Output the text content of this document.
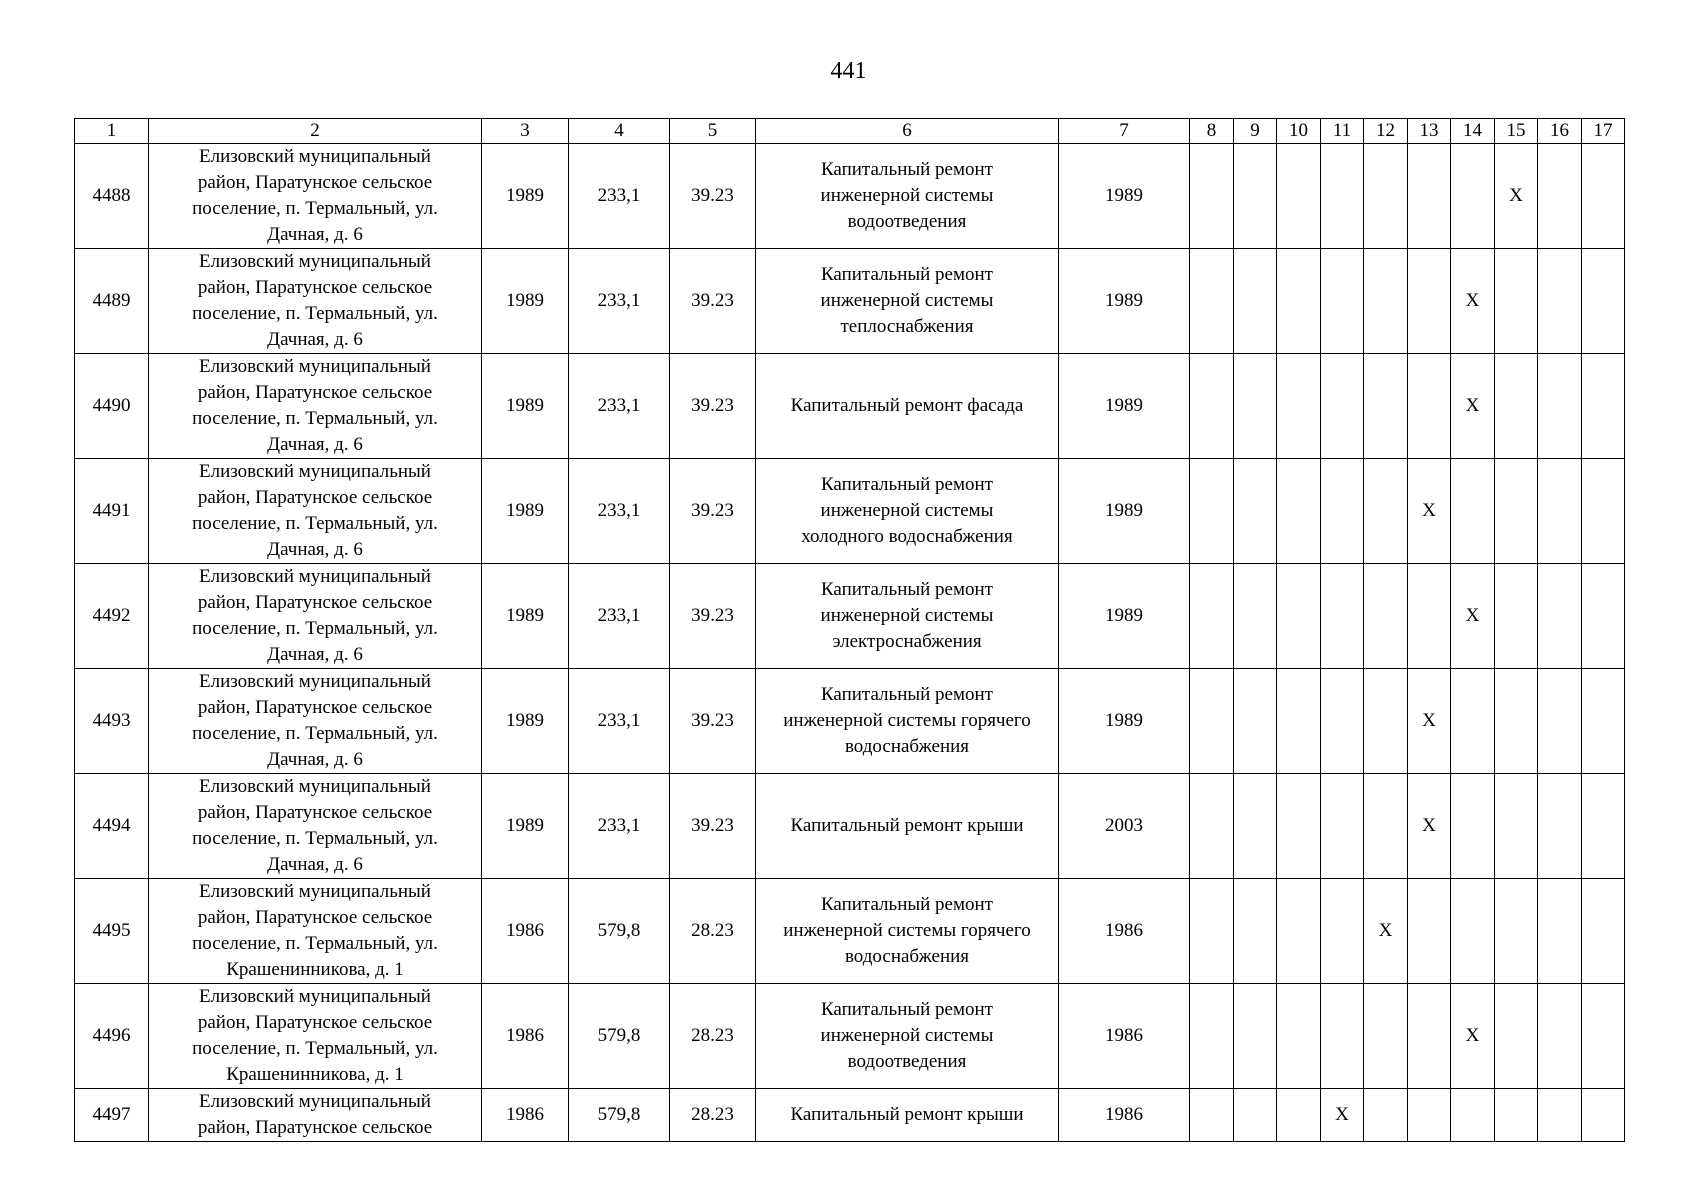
441
1	2	3	4	5	6	7	8	9	10	11	12	13	14	15	16	17
4488	Елизовский муниципальный
район, Паратунское сельское
поселение, п. Термальный, ул.
Дачная, д. 6	1989	233,1	39.23	Капитальный ремонт
инженерной системы
водоотведения	1989								X		
4489	Елизовский муниципальный
район, Паратунское сельское
поселение, п. Термальный, ул.
Дачная, д. 6	1989	233,1	39.23	Капитальный ремонт
инженерной системы
теплоснабжения	1989							X			
4490	Елизовский муниципальный
район, Паратунское сельское
поселение, п. Термальный, ул.
Дачная, д. 6	1989	233,1	39.23	Капитальный ремонт фасада	1989							X			
4491	Елизовский муниципальный
район, Паратунское сельское
поселение, п. Термальный, ул.
Дачная, д. 6	1989	233,1	39.23	Капитальный ремонт
инженерной системы
холодного водоснабжения	1989						X				
4492	Елизовский муниципальный
район, Паратунское сельское
поселение, п. Термальный, ул.
Дачная, д. 6	1989	233,1	39.23	Капитальный ремонт
инженерной системы
электроснабжения	1989							X			
4493	Елизовский муниципальный
район, Паратунское сельское
поселение, п. Термальный, ул.
Дачная, д. 6	1989	233,1	39.23	Капитальный ремонт
инженерной системы горячего
водоснабжения	1989						X				
4494	Елизовский муниципальный
район, Паратунское сельское
поселение, п. Термальный, ул.
Дачная, д. 6	1989	233,1	39.23	Капитальный ремонт крыши	2003						X				
4495	Елизовский муниципальный
район, Паратунское сельское
поселение, п. Термальный, ул.
Крашенинникова, д. 1	1986	579,8	28.23	Капитальный ремонт
инженерной системы горячего
водоснабжения	1986					X					
4496	Елизовский муниципальный
район, Паратунское сельское
поселение, п. Термальный, ул.
Крашенинникова, д. 1	1986	579,8	28.23	Капитальный ремонт
инженерной системы
водоотведения	1986							X			
4497	Елизовский муниципальный
район, Паратунское сельское	1986	579,8	28.23	Капитальный ремонт крыши	1986				X						
